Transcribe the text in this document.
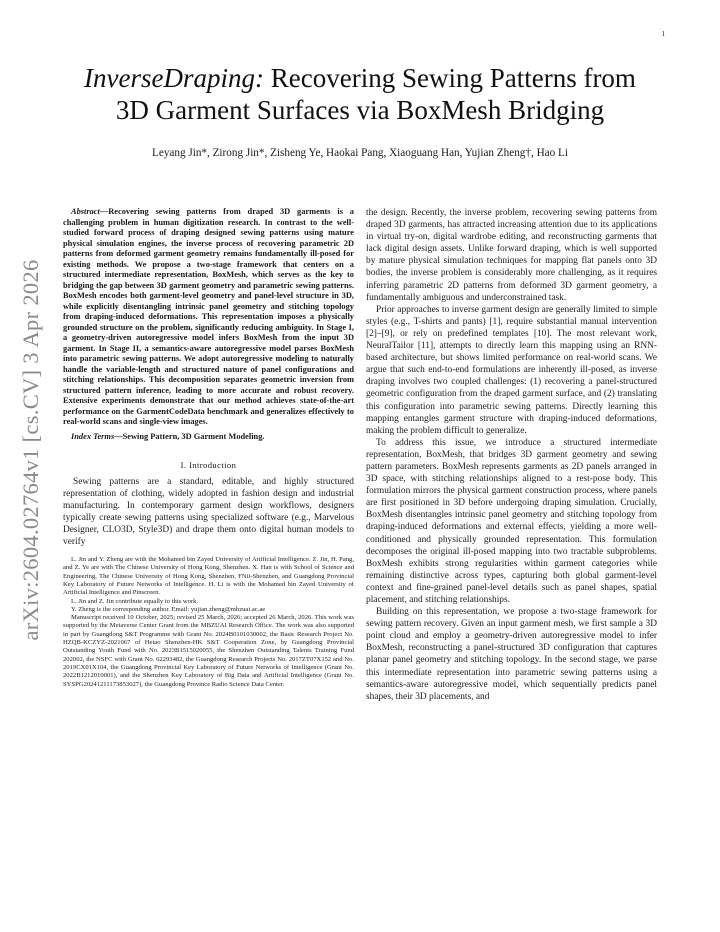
1
arXiv:2604.02764v1 [cs.CV] 3 Apr 2026
InverseDraping: Recovering Sewing Patterns from
3D Garment Surfaces via BoxMesh Bridging
Leyang Jin*, Zirong Jin*, Zisheng Ye, Haokai Pang, Xiaoguang Han, Yujian Zheng†, Hao Li

Abstract—Recovering sewing patterns from draped 3D garments is a challenging problem in human digitization research. In contrast to the well-studied forward process of draping designed sewing patterns using mature physical simulation engines, the inverse process of recovering parametric 2D patterns from deformed garment geometry remains fundamentally ill-posed for existing methods. We propose a two-stage framework that centers on a structured intermediate representation, BoxMesh, which serves as the key to bridging the gap between 3D garment geometry and parametric sewing patterns. BoxMesh encodes both garment-level geometry and panel-level structure in 3D, while explicitly disentangling intrinsic panel geometry and stitching topology from draping-induced deformations. This representation imposes a physically grounded structure on the problem, significantly reducing ambiguity. In Stage I, a geometry-driven autoregressive model infers BoxMesh from the input 3D garment. In Stage II, a semantics-aware autoregressive model parses BoxMesh into parametric sewing patterns. We adopt autoregressive modeling to naturally handle the variable-length and structured nature of panel configurations and stitching relationships. This decomposition separates geometric inversion from structured pattern inference, leading to more accurate and robust recovery. Extensive experiments demonstrate that our method achieves state-of-the-art performance on the GarmentCodeData benchmark and generalizes effectively to real-world scans and single-view images.

Index Terms—Sewing Pattern, 3D Garment Modeling.

I. Introduction

Sewing patterns are a standard, editable, and highly structured representation of clothing, widely adopted in fashion design and industrial manufacturing. In contemporary garment design workflows, designers typically create sewing patterns using specialized software (e.g., Marvelous Designer, CLO3D, Style3D) and drape them onto digital human models to verify

L. Jin and Y. Zheng are with the Mohamed bin Zayed University of Artificial Intelligence. Z. Jin, H. Pang, and Z. Ye are with The Chinese University of Hong Kong, Shenzhen. X. Han is with School of Science and Engineering, The Chinese University of Hong Kong, Shenzhen, FNii-Shenzhen, and Guangdong Provincial Key Laboratory of Future Networks of Intelligence. H. Li is with the Mohamed bin Zayed University of Artificial Intelligence and Pinscreen.

L. Jin and Z. Jin contribute equally to this work.

Y. Zheng is the corresponding author. Email: yujian.zheng@mbzuai.ac.ae

Manuscript received 10 October, 2025; revised 25 March, 2026; accepted 26 March, 2026. This work was supported by the Metaverse Center Grant from the MBZUAI Research Office. The work was also supported in part by Guangdong S&T Programme with Grant No. 2024B0101030002, the Basic Research Project No. HZQB-KCZYZ-2021067 of Hetao Shenzhen-HK S&T Cooperation Zone, by Guangdong Provincial Outstanding Youth Fund with No. 2023B1515020055, the Shenzhen Outstanding Talents Training Fund 202002, the NSFC with Grant No. 62293482, the Guangdong Research Projects No. 2017ZT07X152 and No. 2019CX01X104, the Guangdong Provincial Key Laboratory of Future Networks of Intelligence (Grant No. 2022B1212010001), and the Shenzhen Key Laboratory of Big Data and Artificial Intelligence (Grant No. SYSPG20241211173853027), the Guangdong Province Radio Science Data Center.

the design. Recently, the inverse problem, recovering sewing patterns from draped 3D garments, has attracted increasing attention due to its applications in virtual try-on, digital wardrobe editing, and reconstructing garments that lack digital design assets. Unlike forward draping, which is well supported by mature physical simulation techniques for mapping flat panels onto 3D bodies, the inverse problem is considerably more challenging, as it requires inferring parametric 2D patterns from deformed 3D garment geometry, a fundamentally ambiguous and underconstrained task.

Prior approaches to inverse garment design are generally limited to simple styles (e.g., T-shirts and pants) [1], require substantial manual intervention [2]–[9], or rely on predefined templates [10]. The most relevant work, NeuralTailor [11], attempts to directly learn this mapping using an RNN-based architecture, but shows limited performance on real-world scans. We argue that such end-to-end formulations are inherently ill-posed, as inverse draping involves two coupled challenges: (1) recovering a panel-structured geometric configuration from the draped garment surface, and (2) translating this configuration into parametric sewing patterns. Directly learning this mapping entangles garment structure with draping-induced deformations, making the problem difficult to generalize.

To address this issue, we introduce a structured intermediate representation, BoxMesh, that bridges 3D garment geometry and sewing pattern parameters. BoxMesh represents garments as 2D panels arranged in 3D space, with stitching relationships aligned to a rest-pose body. This formulation mirrors the physical garment construction process, where panels are first positioned in 3D before undergoing draping simulation. Crucially, BoxMesh disentangles intrinsic panel geometry and stitching topology from draping-induced deformations and external effects, yielding a more well-conditioned and physically grounded representation. This formulation decomposes the original ill-posed mapping into two tractable subproblems. BoxMesh exhibits strong regularities within garment categories while remaining distinctive across types, capturing both global garment-level context and fine-grained panel-level details such as panel shapes, spatial placement, and stitching relationships.

Building on this representation, we propose a two-stage framework for sewing pattern recovery. Given an input garment mesh, we first sample a 3D point cloud and employ a geometry-driven autoregressive model to infer BoxMesh, reconstructing a panel-structured 3D configuration that captures planar panel geometry and stitching topology. In the second stage, we parse this intermediate representation into parametric sewing patterns using a semantics-aware autoregressive model, which sequentially predicts panel shapes, their 3D placements, and
